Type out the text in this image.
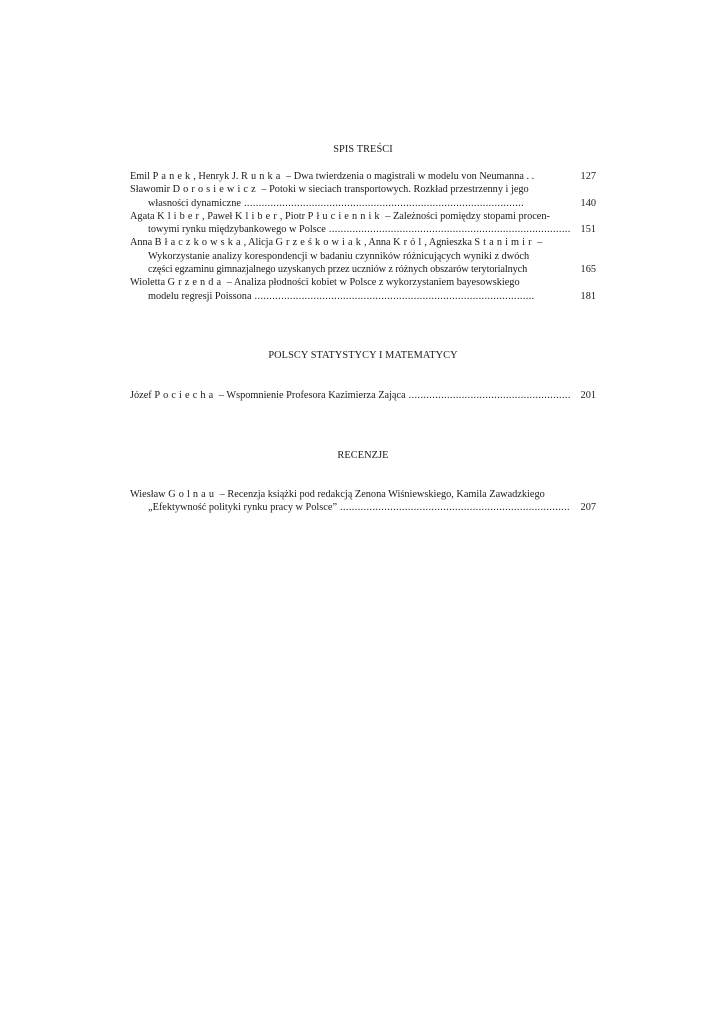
SPIS TREŚCI
Emil Panek, Henryk J. Runka – Dwa twierdzenia o magistrali w modelu von Neumanna . .	127
Sławomir Dorosiewicz – Potoki w sieciach transportowych. Rozkład przestrzenny i jego
własności dynamiczne . . .	140
Agata Kliber, Paweł Kliber, Piotr Płuciennik – Zależności pomiędzy stopami procen-
towymi rynku międzybankowego w Polsce . . .	151
Anna Błaczkowska, Alicja Grześkowiak, Anna Król, Agnieszka Stanimir –
Wykorzystanie analizy korespondencji w badaniu czynników różnicujących wyniki z dwóch
części egzaminu gimnazjalnego uzyskanych przez uczniów z różnych obszarów terytorialnych	165
Wioletta Grzenda – Analiza płodności kobiet w Polsce z wykorzystaniem bayesowskiego
modelu regresji Poissona . . .	181
POLSCY STATYSTYCY I MATEMATYCY
Józef Pociecha – Wspomnienie Profesora Kazimierza Zająca . . .	201
RECENZJE
Wiesław Golnau – Recenzja książki pod redakcją Zenona Wiśniewskiego, Kamila Zawadzkiego
„Efektywność polityki rynku pracy w Polsce” . . .	207
